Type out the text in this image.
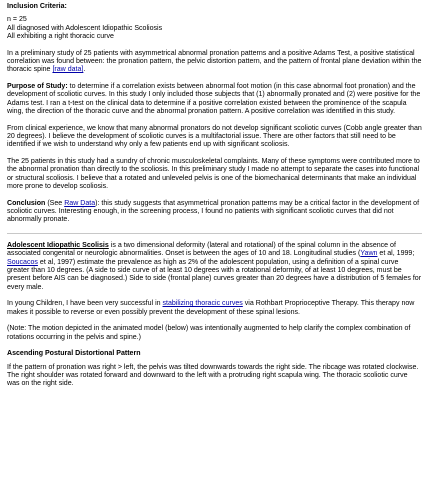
Inclusion Criteria:

n = 25
All diagnosed with Adolescent Idiopathic Scoliosis
All exhibiting a right thoracic curve

In a preliminary study of 25 patients with asymmetrical abnormal pronation patterns and a positive Adams Test, a positive statistical correlation was found between: the pronation pattern, the pelvic distortion pattern, and the pattern of frontal plane deviation within the thoracic spine [raw data].

Purpose of Study: to determine if a correlation exists between abnormal foot motion (in this case abnormal foot pronation) and the development of scoliotic curves. In this study I only included those subjects that (1) abnormally pronated and (2) were positive for the Adams test. I ran a t-test on the clinical data to determine if a positive correlation existed between the prominence of the scapula wing, the direction of the thoracic curve and the abnormal pronation pattern. A positive correlation was identified in this study.

From clinical experience, we know that many abnormal pronators do not develop significant scoliotic curves (Cobb angle greater than 20 degrees). I believe the development of scoliotic curves is a multifactorial issue. There are other factors that still need to be identified if we wish to understand why only a few patients end up with significant scoliosis.

The 25 patients in this study had a sundry of chronic musculoskeletal complaints. Many of these symptoms were contributed more to the abnormal pronation than directly to the scoliosis. In this preliminary study I made no attempt to separate the cases into functional or structural scoliosis. I believe that a rotated and unleveled pelvis is one of the biomechanical determinants that make an individual more prone to develop scoliosis.

Conclusion (See Raw Data): this study suggests that asymmetrical pronation patterns may be a critical factor in the development of scoliotic curves. Interesting enough, in the screening process, I found no patients with significant scoliotic curves that did not abnormally pronate.

Adolescent Idiopathic Scolisis is a two dimensional deformity (lateral and rotational) of the spinal column in the absence of associated congenital or neurologic abnormalities. Onset is between the ages of 10 and 18. Longitudinal studies (Yawn et al, 1999; Soucacos et al, 1997) estimate the prevalence as high as 2% of the adolescent population, using a definition of a spinal curve greater than 10 degrees. (A side to side curve of at least 10 degrees with a rotational deformity, of at least 10 degrees, must be present before AIS can be diagnosed.) Side to side (frontal plane) curves greater than 20 degrees have a distribution of 5 females for every male.

In young Children, I have been very successful in stabilizing thoracic curves via Rothbart Proprioceptive Therapy. This therapy now makes it possible to reverse or even possibly prevent the development of these spinal lesions.

(Note: The motion depicted in the animated model (below) was intentionally augmented to help clarify the complex combination of rotations occurring in the pelvis and spine.)

Ascending Postural Distortional Pattern

If the pattern of pronation was right > left, the pelvis was tilted downwards towards the right side. The ribcage was rotated clockwise. The right shoulder was rotated forward and downward to the left with a protruding right scapula wing. The thoracic scoliotic curve was on the right side.
